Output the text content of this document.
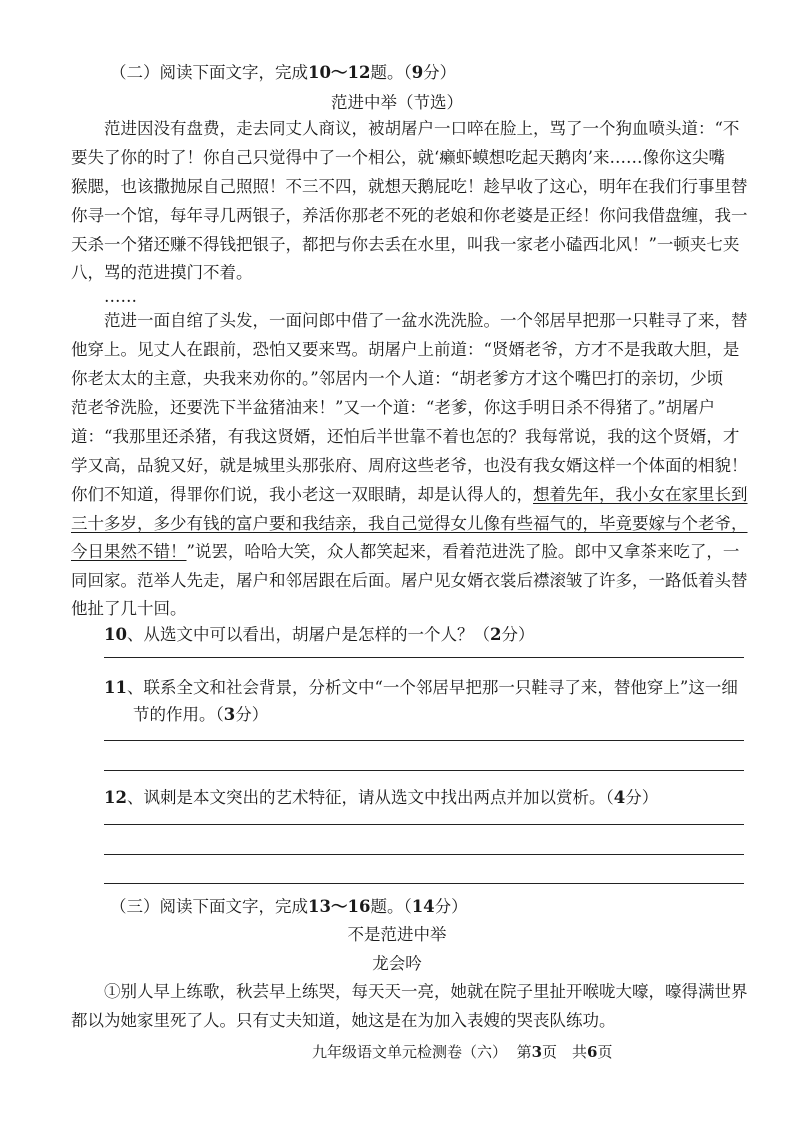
（二）阅读下面文字，完成10～12题。（9分）
范进中举（节选）
范进因没有盘费，走去同丈人商议，被胡屠户一口啐在脸上，骂了一个狗血喷头道：“不
要失了你的时了！你自己只觉得中了一个相公，就‘癞虾蟆想吃起天鹅肉’来……像你这尖嘴
猴腮，也该撒抛尿自己照照！不三不四，就想天鹅屁吃！趁早收了这心，明年在我们行事里替
你寻一个馆，每年寻几两银子，养活你那老不死的老娘和你老婆是正经！你问我借盘缠，我一
天杀一个猪还赚不得钱把银子，都把与你去丢在水里，叫我一家老小磕西北风！”一顿夹七夹
八，骂的范进摸门不着。
……
范进一面自绾了头发，一面问郎中借了一盆水洗洗脸。一个邻居早把那一只鞋寻了来，替
他穿上。见丈人在跟前，恐怕又要来骂。胡屠户上前道：“贤婿老爷，方才不是我敢大胆，是
你老太太的主意，央我来劝你的。”邻居内一个人道：“胡老爹方才这个嘴巴打的亲切，少顷
范老爷洗脸，还要洗下半盆猪油来！”又一个道：“老爹，你这手明日杀不得猪了。”胡屠户
道：“我那里还杀猪，有我这贤婿，还怕后半世靠不着也怎的？我每常说，我的这个贤婿，才
学又高，品貌又好，就是城里头那张府、周府这些老爷，也没有我女婿这样一个体面的相貌！
你们不知道，得罪你们说，我小老这一双眼睛，却是认得人的，想着先年，我小女在家里长到
三十多岁，多少有钱的富户要和我结亲，我自己觉得女儿像有些福气的，毕竟要嫁与个老爷，
今日果然不错！”说罢，哈哈大笑，众人都笑起来，看着范进洗了脸。郎中又拿茶来吃了，一
同回家。范举人先走，屠户和邻居跟在后面。屠户见女婿衣裳后襟滚皱了许多，一路低着头替
他扯了几十回。
10、从选文中可以看出，胡屠户是怎样的一个人？（2分）
11、联系全文和社会背景，分析文中“一个邻居早把那一只鞋寻了来，替他穿上”这一细
节的作用。（3分）
12、讽刺是本文突出的艺术特征，请从选文中找出两点并加以赏析。（4分）
（三）阅读下面文字，完成13～16题。（14分）
不是范进中举
龙会吟
①别人早上练歌，秋芸早上练哭，每天天一亮，她就在院子里扯开喉咙大嚎，嚎得满世界
都以为她家里死了人。只有丈夫知道，她这是在为加入表嫂的哭丧队练功。
九年级语文单元检测卷（六） 第3页　共6页
